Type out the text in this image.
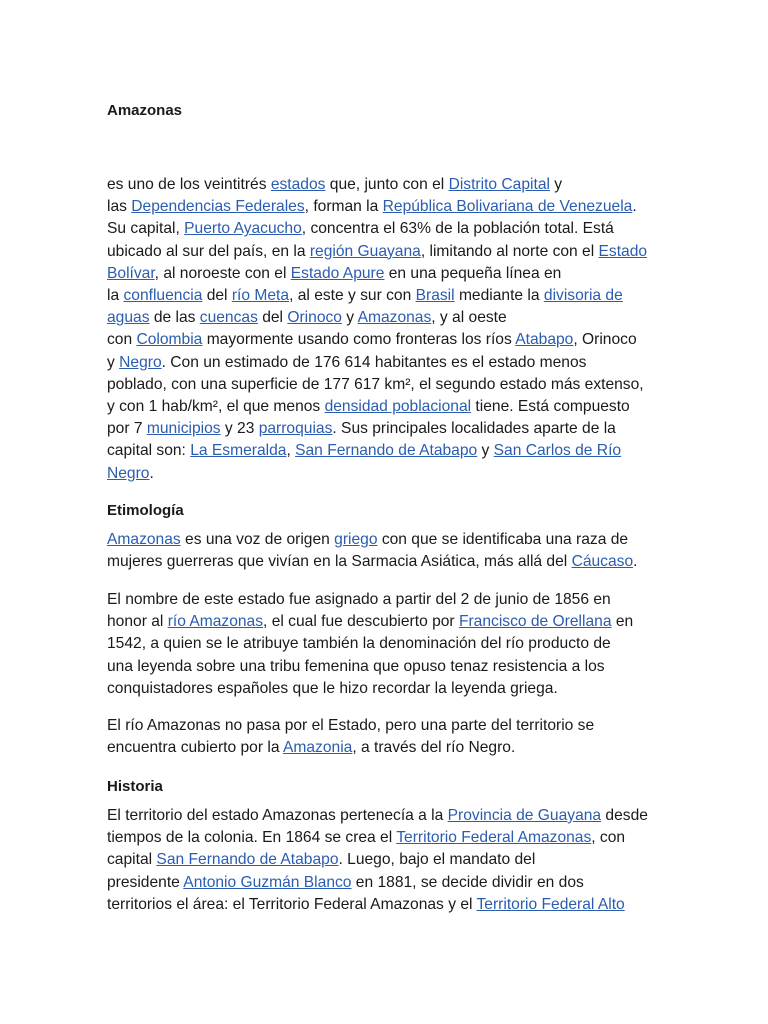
Amazonas
es uno de los veintitrés estados que, junto con el Distrito Capital y
las Dependencias Federales, forman la República Bolivariana de Venezuela.
Su capital, Puerto Ayacucho, concentra el 63% de la población total. Está
ubicado al sur del país, en la región Guayana, limitando al norte con el Estado
Bolívar, al noroeste con el Estado Apure en una pequeña línea en
la confluencia del río Meta, al este y sur con Brasil mediante la divisoria de
aguas de las cuencas del Orinoco y Amazonas, y al oeste
con Colombia mayormente usando como fronteras los ríos Atabapo, Orinoco
y Negro. Con un estimado de 176 614 habitantes es el estado menos
poblado, con una superficie de 177 617 km², el segundo estado más extenso,
y con 1 hab/km², el que menos densidad poblacional tiene. Está compuesto
por 7 municipios y 23 parroquias. Sus principales localidades aparte de la
capital son: La Esmeralda, San Fernando de Atabapo y San Carlos de Río
Negro.
Etimología
Amazonas es una voz de origen griego con que se identificaba una raza de
mujeres guerreras que vivían en la Sarmacia Asiática, más allá del Cáucaso.
El nombre de este estado fue asignado a partir del 2 de junio de 1856 en
honor al río Amazonas, el cual fue descubierto por Francisco de Orellana en
1542, a quien se le atribuye también la denominación del río producto de
una leyenda sobre una tribu femenina que opuso tenaz resistencia a los
conquistadores españoles que le hizo recordar la leyenda griega.
El río Amazonas no pasa por el Estado, pero una parte del territorio se
encuentra cubierto por la Amazonia, a través del río Negro.
Historia
El territorio del estado Amazonas pertenecía a la Provincia de Guayana desde
tiempos de la colonia. En 1864 se crea el Territorio Federal Amazonas, con
capital San Fernando de Atabapo. Luego, bajo el mandato del
presidente Antonio Guzmán Blanco en 1881, se decide dividir en dos
territorios el área: el Territorio Federal Amazonas y el Territorio Federal Alto
